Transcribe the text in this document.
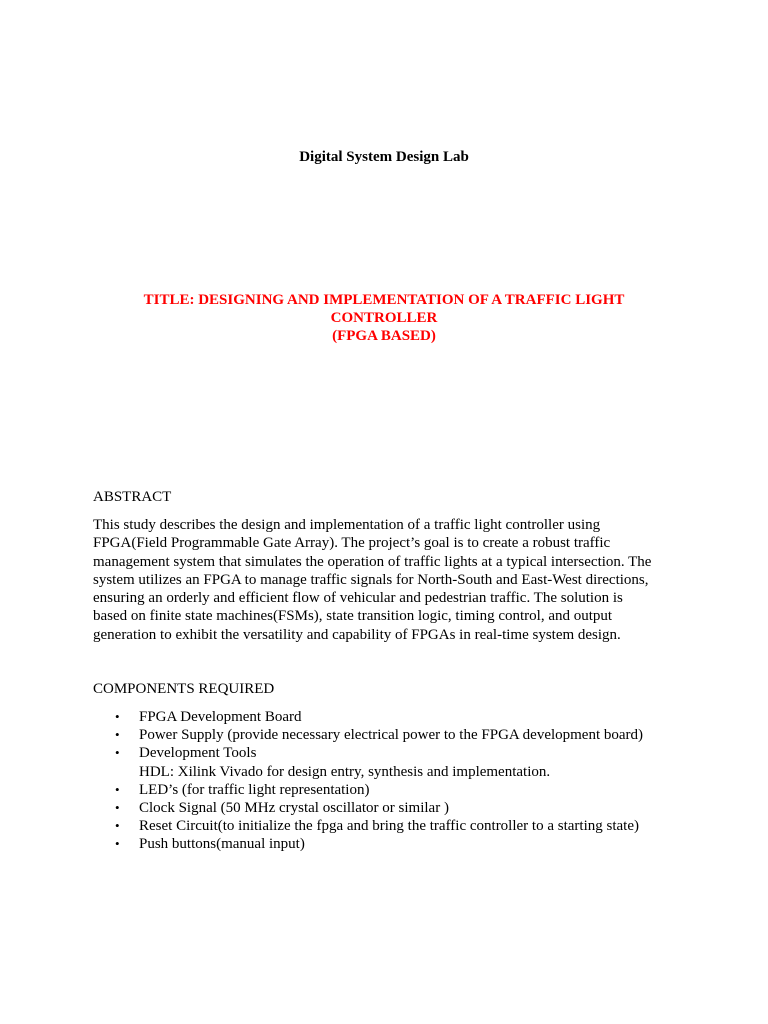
Digital System Design Lab
TITLE: DESIGNING AND IMPLEMENTATION OF A TRAFFIC LIGHT
CONTROLLER
(FPGA BASED)
ABSTRACT
This study describes the design and implementation of a traffic light controller using
FPGA(Field Programmable Gate Array). The project’s goal is to create a robust traffic
management system that simulates the operation of traffic lights at a typical intersection. The
system utilizes an FPGA to manage traffic signals for North-South and East-West directions,
ensuring an orderly and efficient flow of vehicular and pedestrian traffic. The solution is
based on finite state machines(FSMs), state transition logic, timing control, and output
generation to exhibit the versatility and capability of FPGAs in real-time system design.
COMPONENTS REQUIRED
• FPGA Development Board
• Power Supply (provide necessary electrical power to the FPGA development board)
• Development Tools
HDL: Xilink Vivado for design entry, synthesis and implementation.
• LED’s (for traffic light representation)
• Clock Signal (50 MHz crystal oscillator or similar )
• Reset Circuit(to initialize the fpga and bring the traffic controller to a starting state)
• Push buttons(manual input)
